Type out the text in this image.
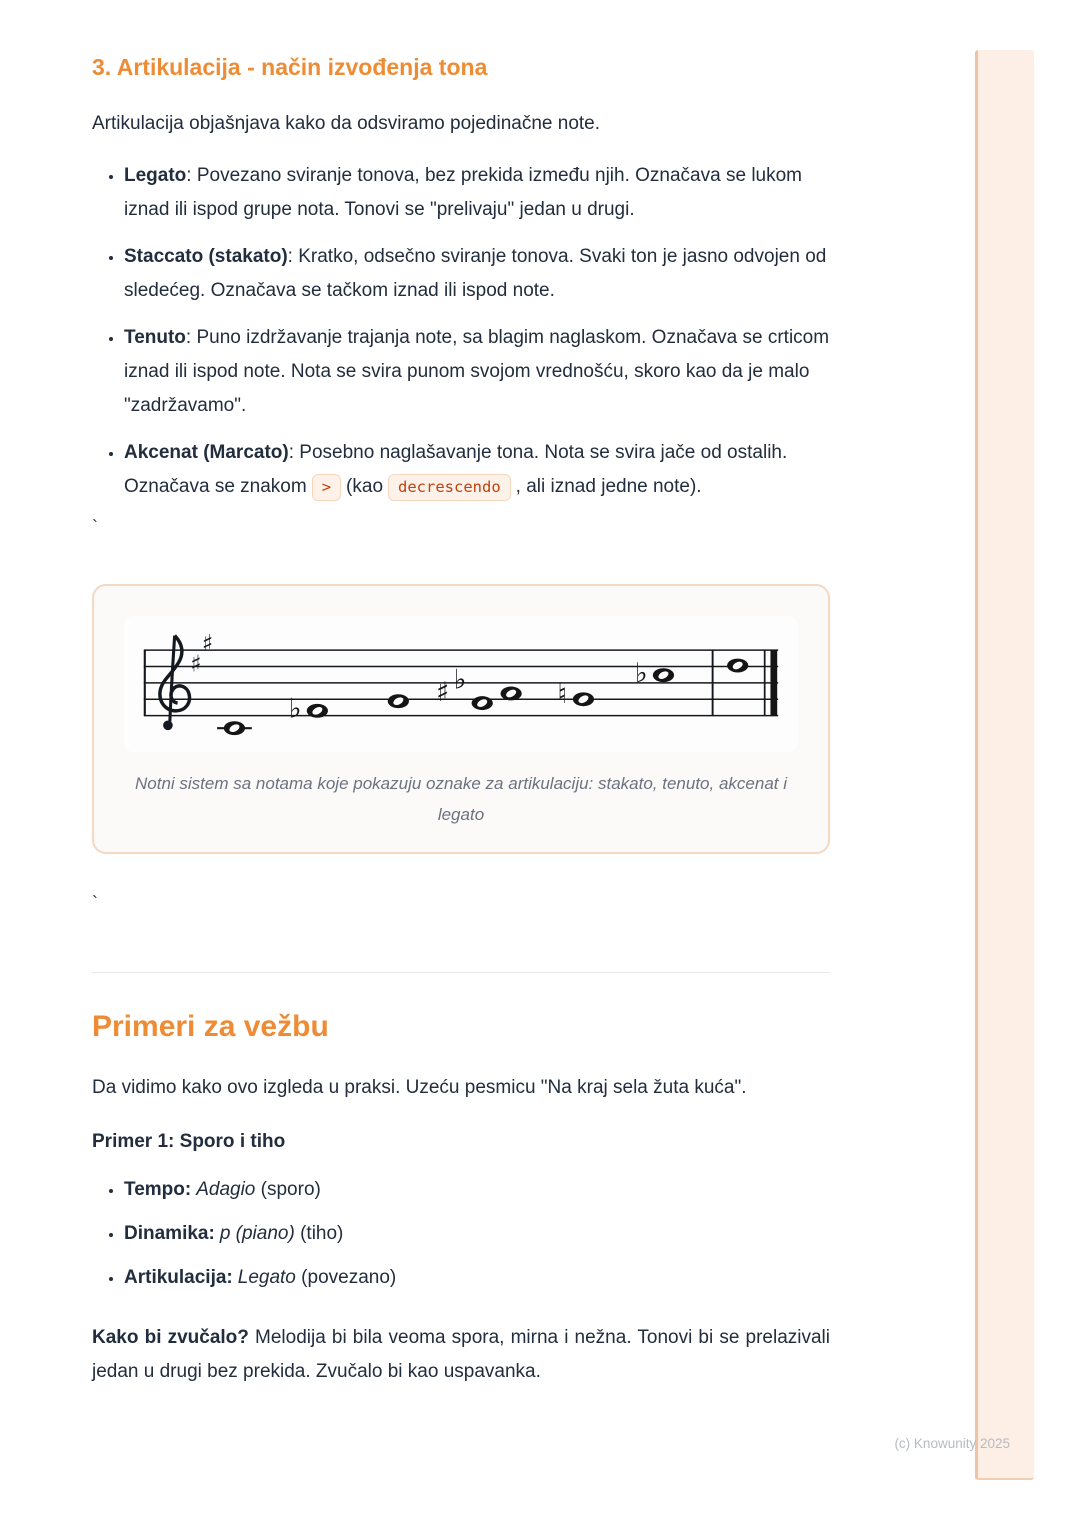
3. Artikulacija - način izvođenja tona

Artikulacija objašnjava kako da odsviramo pojedinačne note.

• Legato: Povezano sviranje tonova, bez prekida između njih. Označava se lukom iznad ili ispod grupe nota. Tonovi se "prelivaju" jedan u drugi.
• Staccato (stakato): Kratko, odsečno sviranje tonova. Svaki ton je jasno odvojen od sledećeg. Označava se tačkom iznad ili ispod note.
• Tenuto: Puno izdržavanje trajanja note, sa blagim naglaskom. Označava se crticom iznad ili ispod note. Nota se svira punom svojom vrednošću, skoro kao da je malo "zadržavamo".
• Akcenat (Marcato): Posebno naglašavanje tona. Nota se svira jače od ostalih. Označava se znakom > (kao decrescendo , ali iznad jedne note).
`
♯
♯
♭
♯ ♭	♮
♭
Notni sistem sa notama koje pokazuju oznake za artikulaciju: stakato, tenuto, akcenat i legato
`
Primeri za vežbu

Da vidimo kako ovo izgleda u praksi. Uzeću pesmicu "Na kraj sela žuta kuća".

Primer 1: Sporo i tiho

• Tempo: Adagio (sporo)
• Dinamika: p (piano) (tiho)
• Artikulacija: Legato (povezano)

Kako bi zvučalo? Melodija bi bila veoma spora, mirna i nežna. Tonovi bi se prelazivali jedan u drugi bez prekida. Zvučalo bi kao uspavanka.

(c) Knowunity 2025
